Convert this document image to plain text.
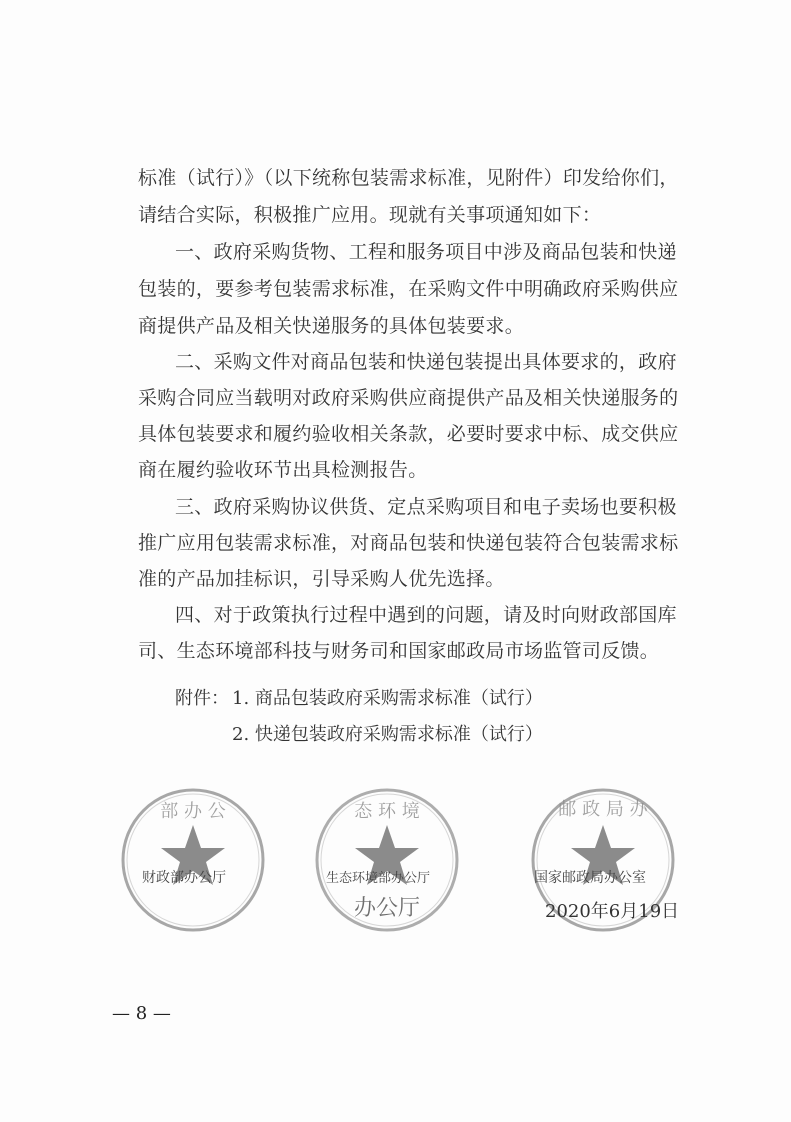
标准（试行）》（以下统称包装需求标准，见附件）印发给你们，
请结合实际，积极推广应用。现就有关事项通知如下：
一、政府采购货物、工程和服务项目中涉及商品包装和快递
包装的，要参考包装需求标准，在采购文件中明确政府采购供应
商提供产品及相关快递服务的具体包装要求。
二、采购文件对商品包装和快递包装提出具体要求的，政府
采购合同应当载明对政府采购供应商提供产品及相关快递服务的
具体包装要求和履约验收相关条款，必要时要求中标、成交供应
商在履约验收环节出具检测报告。
三、政府采购协议供货、定点采购项目和电子卖场也要积极
推广应用包装需求标准，对商品包装和快递包装符合包装需求标
准的产品加挂标识，引导采购人优先选择。
四、对于政策执行过程中遇到的问题，请及时向财政部国库
司、生态环境部科技与财务司和国家邮政局市场监管司反馈。
附件： 1. 商品包装政府采购需求标准（试行）
2. 快递包装政府采购需求标准（试行）
部 办 公
财政部办公厅
态 环 境
办公厅
生态环境部办公厅
邮 政 局 办
国家邮政局办公室
2020年6月19日
— 8 —
